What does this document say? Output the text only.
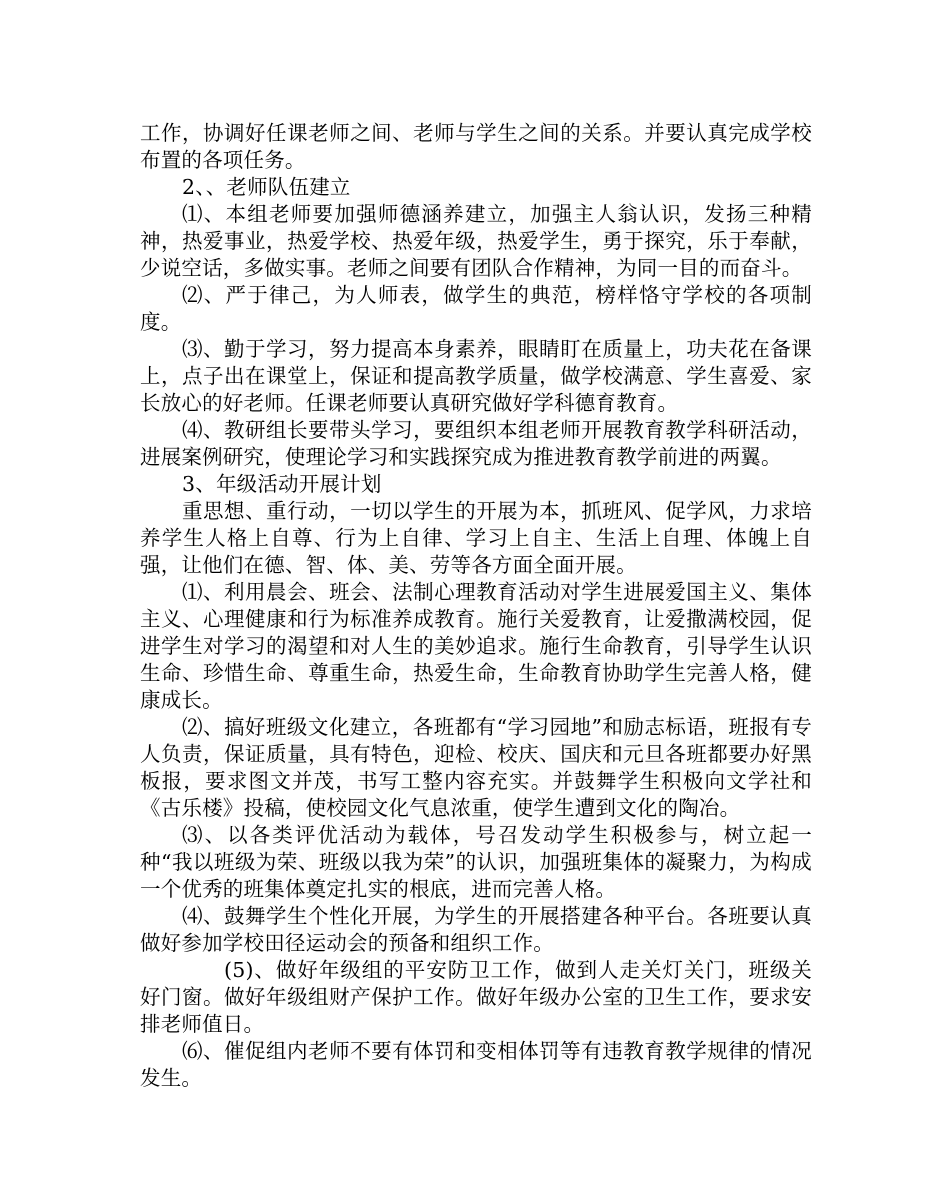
工作，协调好任课老师之间、老师与学生之间的关系。并要认真完成学校布置的各项任务。

2、、老师队伍建立

⑴、本组老师要加强师德涵养建立，加强主人翁认识，发扬三种精神，热爱事业，热爱学校、热爱年级，热爱学生，勇于探究，乐于奉献，少说空话，多做实事。老师之间要有团队合作精神，为同一目的而奋斗。

⑵、严于律己，为人师表，做学生的典范，榜样恪守学校的各项制度。

⑶、勤于学习，努力提高本身素养，眼睛盯在质量上，功夫花在备课上，点子出在课堂上，保证和提高教学质量，做学校满意、学生喜爱、家长放心的好老师。任课老师要认真研究做好学科德育教育。

⑷、教研组长要带头学习，要组织本组老师开展教育教学科研活动，进展案例研究，使理论学习和实践探究成为推进教育教学前进的两翼。

3、年级活动开展计划

重思想、重行动，一切以学生的开展为本，抓班风、促学风，力求培养学生人格上自尊、行为上自律、学习上自主、生活上自理、体魄上自强，让他们在德、智、体、美、劳等各方面全面开展。

⑴、利用晨会、班会、法制心理教育活动对学生进展爱国主义、集体主义、心理健康和行为标准养成教育。施行关爱教育，让爱撒满校园，促进学生对学习的渴望和对人生的美妙追求。施行生命教育，引导学生认识生命、珍惜生命、尊重生命，热爱生命，生命教育协助学生完善人格，健康成长。

⑵、搞好班级文化建立，各班都有“学习园地”和励志标语，班报有专人负责，保证质量，具有特色，迎检、校庆、国庆和元旦各班都要办好黑板报，要求图文并茂，书写工整内容充实。并鼓舞学生积极向文学社和《古乐楼》投稿，使校园文化气息浓重，使学生遭到文化的陶冶。

⑶、以各类评优活动为载体，号召发动学生积极参与，树立起一种“我以班级为荣、班级以我为荣”的认识，加强班集体的凝聚力，为构成一个优秀的班集体奠定扎实的根底，进而完善人格。

⑷、鼓舞学生个性化开展，为学生的开展搭建各种平台。各班要认真做好参加学校田径运动会的预备和组织工作。

(5)、做好年级组的平安防卫工作，做到人走关灯关门，班级关好门窗。做好年级组财产保护工作。做好年级办公室的卫生工作，要求安排老师值日。

⑹、催促组内老师不要有体罚和变相体罚等有违教育教学规律的情况发生。
